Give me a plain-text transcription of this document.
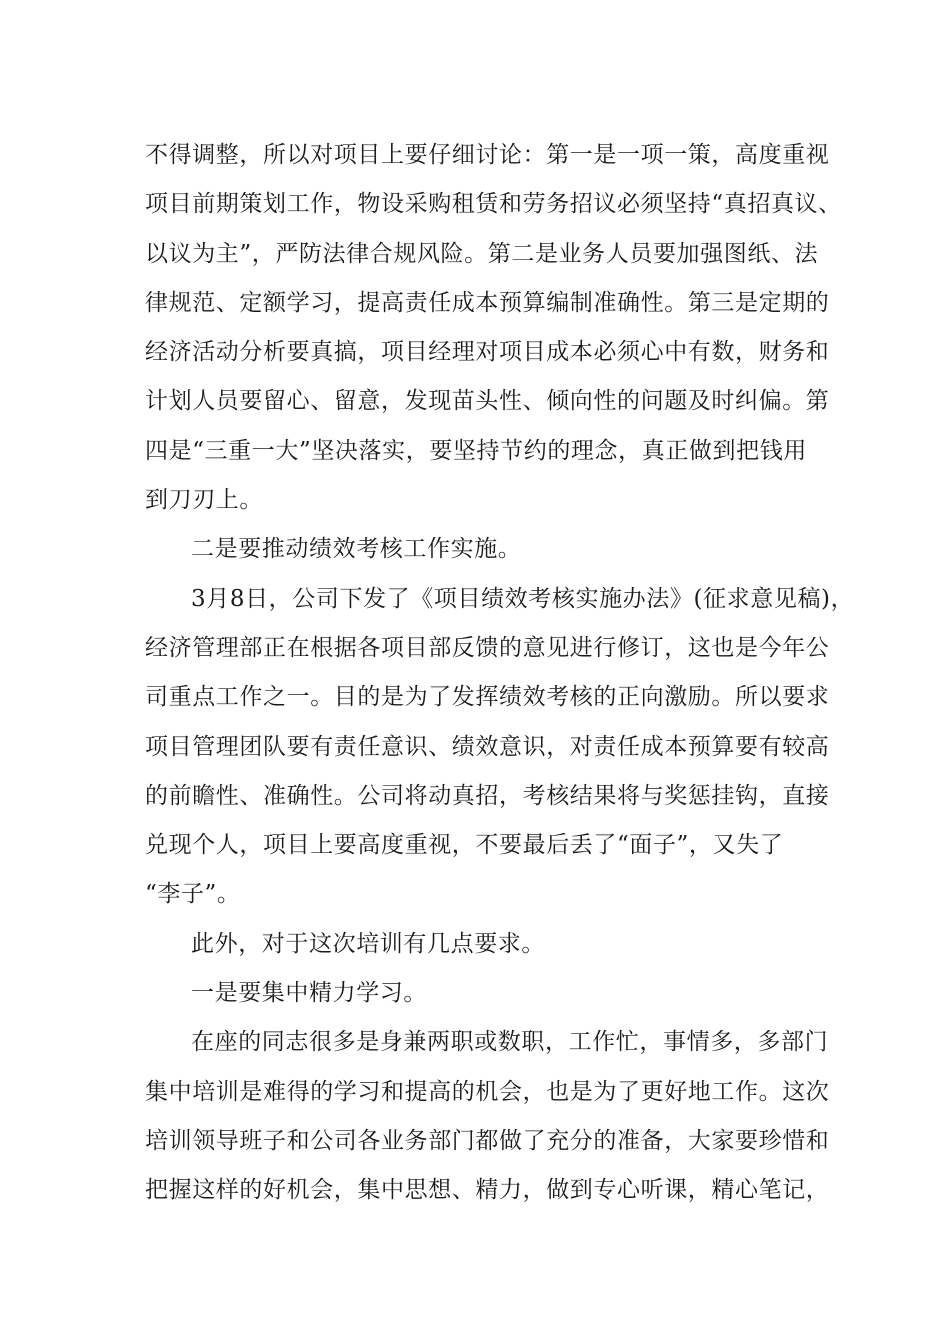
不得调整，所以对项目上要仔细讨论：第一是一项一策，高度重视
项目前期策划工作，物设采购租赁和劳务招议必须坚持“真招真议、
以议为主”，严防法律合规风险。第二是业务人员要加强图纸、法
律规范、定额学习，提高责任成本预算编制准确性。第三是定期的
经济活动分析要真搞，项目经理对项目成本必须心中有数，财务和
计划人员要留心、留意，发现苗头性、倾向性的问题及时纠偏。第
四是“三重一大”坚决落实，要坚持节约的理念，真正做到把钱用
到刀刃上。
二是要推动绩效考核工作实施。
3月8日，公司下发了《项目绩效考核实施办法》(征求意见稿)，
经济管理部正在根据各项目部反馈的意见进行修订，这也是今年公
司重点工作之一。目的是为了发挥绩效考核的正向激励。所以要求
项目管理团队要有责任意识、绩效意识，对责任成本预算要有较高
的前瞻性、准确性。公司将动真招，考核结果将与奖惩挂钩，直接
兑现个人，项目上要高度重视，不要最后丢了“面子”，又失了
“李子”。
此外，对于这次培训有几点要求。
一是要集中精力学习。
在座的同志很多是身兼两职或数职，工作忙，事情多，多部门
集中培训是难得的学习和提高的机会，也是为了更好地工作。这次
培训领导班子和公司各业务部门都做了充分的准备，大家要珍惜和
把握这样的好机会，集中思想、精力，做到专心听课，精心笔记，
